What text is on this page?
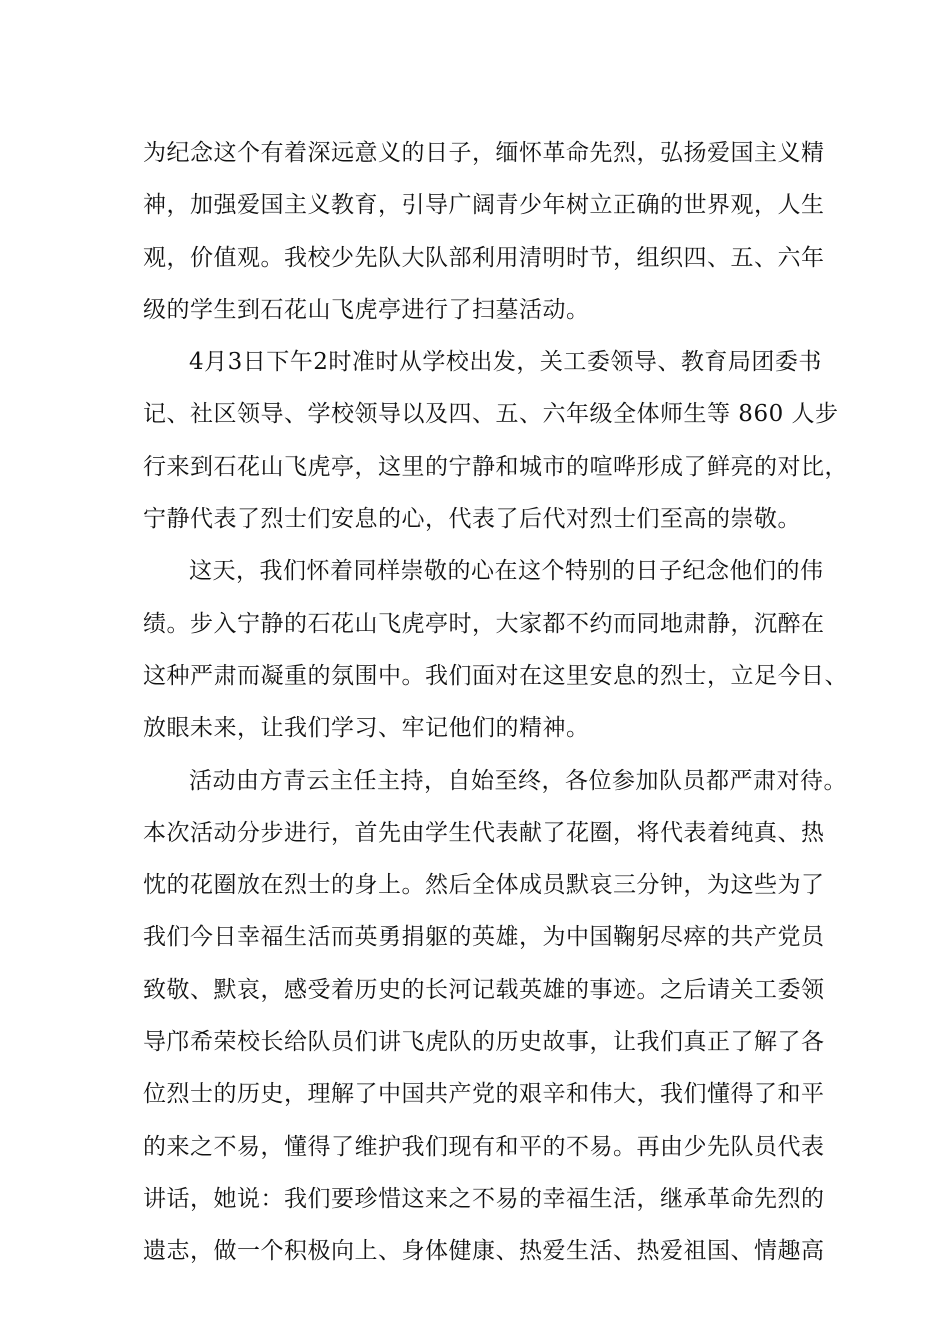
为纪念这个有着深远意义的日子，缅怀革命先烈，弘扬爱国主义精
神，加强爱国主义教育，引导广阔青少年树立正确的世界观，人生
观，价值观。我校少先队大队部利用清明时节，组织四、五、六年
级的学生到石花山飞虎亭进行了扫墓活动。
4月3日下午2时准时从学校出发，关工委领导、教育局团委书
记、社区领导、学校领导以及四、五、六年级全体师生等 860 人步
行来到石花山飞虎亭，这里的宁静和城市的喧哗形成了鲜亮的对比，
宁静代表了烈士们安息的心，代表了后代对烈士们至高的崇敬。
这天，我们怀着同样崇敬的心在这个特别的日子纪念他们的伟
绩。步入宁静的石花山飞虎亭时，大家都不约而同地肃静，沉醉在
这种严肃而凝重的氛围中。我们面对在这里安息的烈士，立足今日、
放眼未来，让我们学习、牢记他们的精神。
活动由方青云主任主持，自始至终，各位参加队员都严肃对待。
本次活动分步进行，首先由学生代表献了花圈，将代表着纯真、热
忱的花圈放在烈士的身上。然后全体成员默哀三分钟，为这些为了
我们今日幸福生活而英勇捐躯的英雄，为中国鞠躬尽瘁的共产党员
致敬、默哀，感受着历史的长河记载英雄的事迹。之后请关工委领
导邝希荣校长给队员们讲飞虎队的历史故事，让我们真正了解了各
位烈士的历史，理解了中国共产党的艰辛和伟大，我们懂得了和平
的来之不易，懂得了维护我们现有和平的不易。再由少先队员代表
讲话，她说：我们要珍惜这来之不易的幸福生活，继承革命先烈的
遗志，做一个积极向上、身体健康、热爱生活、热爱祖国、情趣高
